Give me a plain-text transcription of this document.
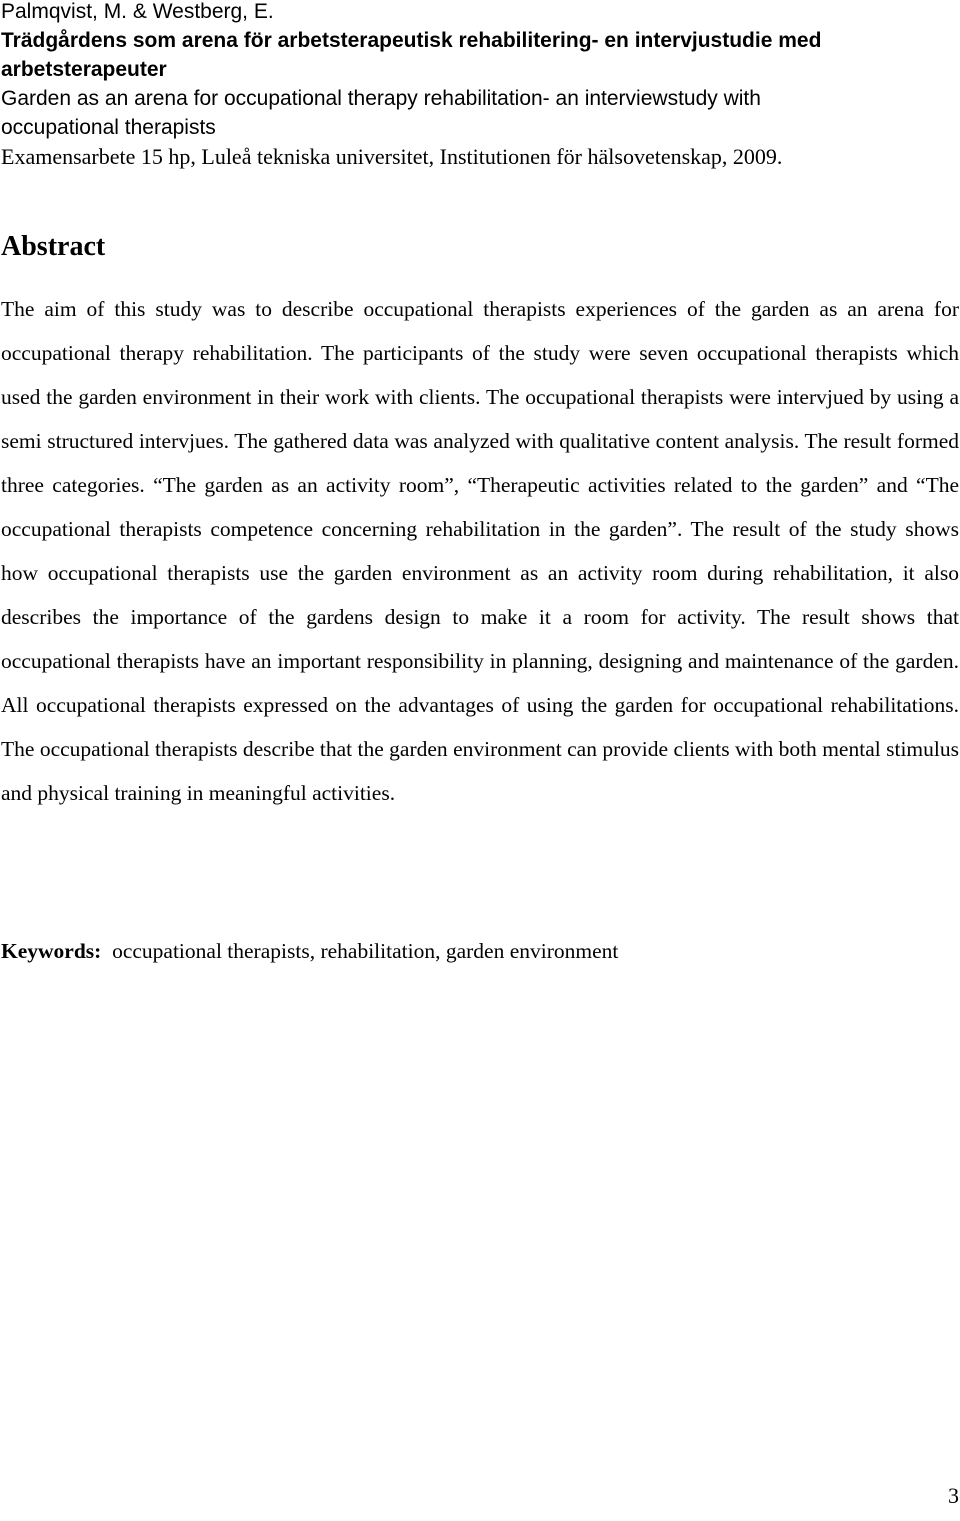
Palmqvist, M. & Westberg, E.
Trädgårdens som arena för arbetsterapeutisk rehabilitering- en intervjustudie med
arbetsterapeuter
Garden as an arena for occupational therapy rehabilitation- an interviewstudy with
occupational therapists
Examensarbete 15 hp, Luleå tekniska universitet, Institutionen för hälsovetenskap, 2009.
Abstract

The aim of this study was to describe occupational therapists experiences of the garden as an arena for occupational therapy rehabilitation. The participants of the study were seven occupational therapists which used the garden environment in their work with clients. The occupational therapists were intervjued by using a semi structured intervjues. The gathered data was analyzed with qualitative content analysis. The result formed three categories. “The garden as an activity room”, “Therapeutic activities related to the garden” and “The occupational therapists competence concerning rehabilitation in the garden”. The result of the study shows how occupational therapists use the garden environment as an activity room during rehabilitation, it also describes the importance of the gardens design to make it a room for activity. The result shows that occupational therapists have an important responsibility in planning, designing and maintenance of the garden. All occupational therapists expressed on the advantages of using the garden for occupational rehabilitations. The occupational therapists describe that the garden environment can provide clients with both mental stimulus and physical training in meaningful activities.

Keywords: occupational therapists, rehabilitation, garden environment

3
